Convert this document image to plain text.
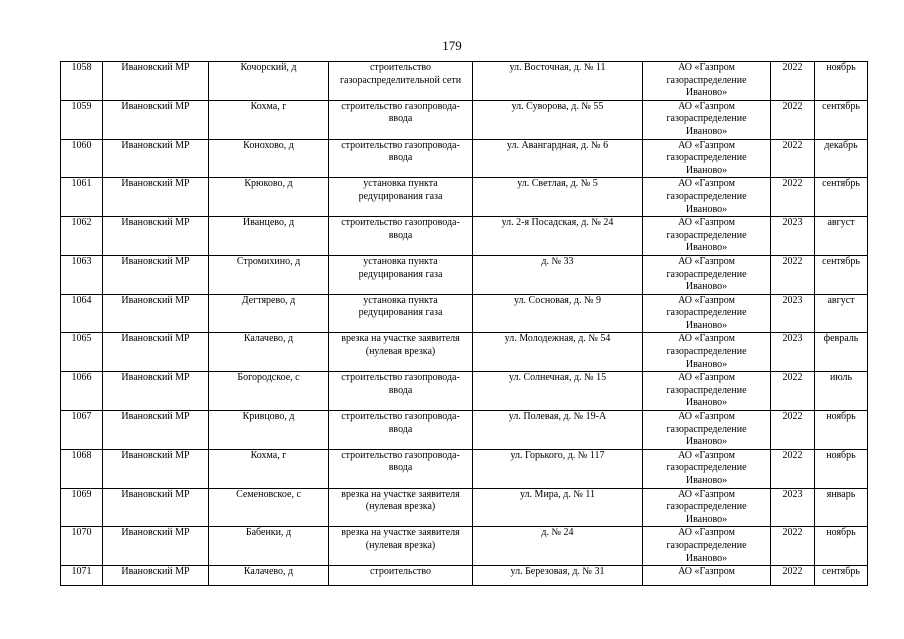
179
1058	Ивановский МР	Кочорский, д	строительство газораспределительной сети	ул. Восточная, д. № 11	АО «Газпром газораспределение Иваново»	2022	ноябрь
1059	Ивановский МР	Кохма, г	строительство газопровода-ввода	ул. Суворова, д. № 55	АО «Газпром газораспределение Иваново»	2022	сентябрь
1060	Ивановский МР	Конохово, д	строительство газопровода-ввода	ул. Авангардная, д. № 6	АО «Газпром газораспределение Иваново»	2022	декабрь
1061	Ивановский МР	Крюково, д	установка пункта редуцирования газа	ул. Светлая, д. № 5	АО «Газпром газораспределение Иваново»	2022	сентябрь
1062	Ивановский МР	Иванцево, д	строительство газопровода-ввода	ул. 2-я Посадская, д. № 24	АО «Газпром газораспределение Иваново»	2023	август
1063	Ивановский МР	Стромихино, д	установка пункта редуцирования газа	д. № 33	АО «Газпром газораспределение Иваново»	2022	сентябрь
1064	Ивановский МР	Дегтярево, д	установка пункта редуцирования газа	ул. Сосновая, д. № 9	АО «Газпром газораспределение Иваново»	2023	август
1065	Ивановский МР	Калачево, д	врезка на участке заявителя (нулевая врезка)	ул. Молодежная, д. № 54	АО «Газпром газораспределение Иваново»	2023	февраль
1066	Ивановский МР	Богородское, с	строительство газопровода-ввода	ул. Солнечная, д. № 15	АО «Газпром газораспределение Иваново»	2022	июль
1067	Ивановский МР	Кривцово, д	строительство газопровода-ввода	ул. Полевая, д. № 19-А	АО «Газпром газораспределение Иваново»	2022	ноябрь
1068	Ивановский МР	Кохма, г	строительство газопровода-ввода	ул. Горького, д. № 117	АО «Газпром газораспределение Иваново»	2022	ноябрь
1069	Ивановский МР	Семеновское, с	врезка на участке заявителя (нулевая врезка)	ул. Мира, д. № 11	АО «Газпром газораспределение Иваново»	2023	январь
1070	Ивановский МР	Бабенки, д	врезка на участке заявителя (нулевая врезка)	д. № 24	АО «Газпром газораспределение Иваново»	2022	ноябрь
1071	Ивановский МР	Калачево, д	строительство	ул. Березовая, д. № 31	АО «Газпром	2022	сентябрь
